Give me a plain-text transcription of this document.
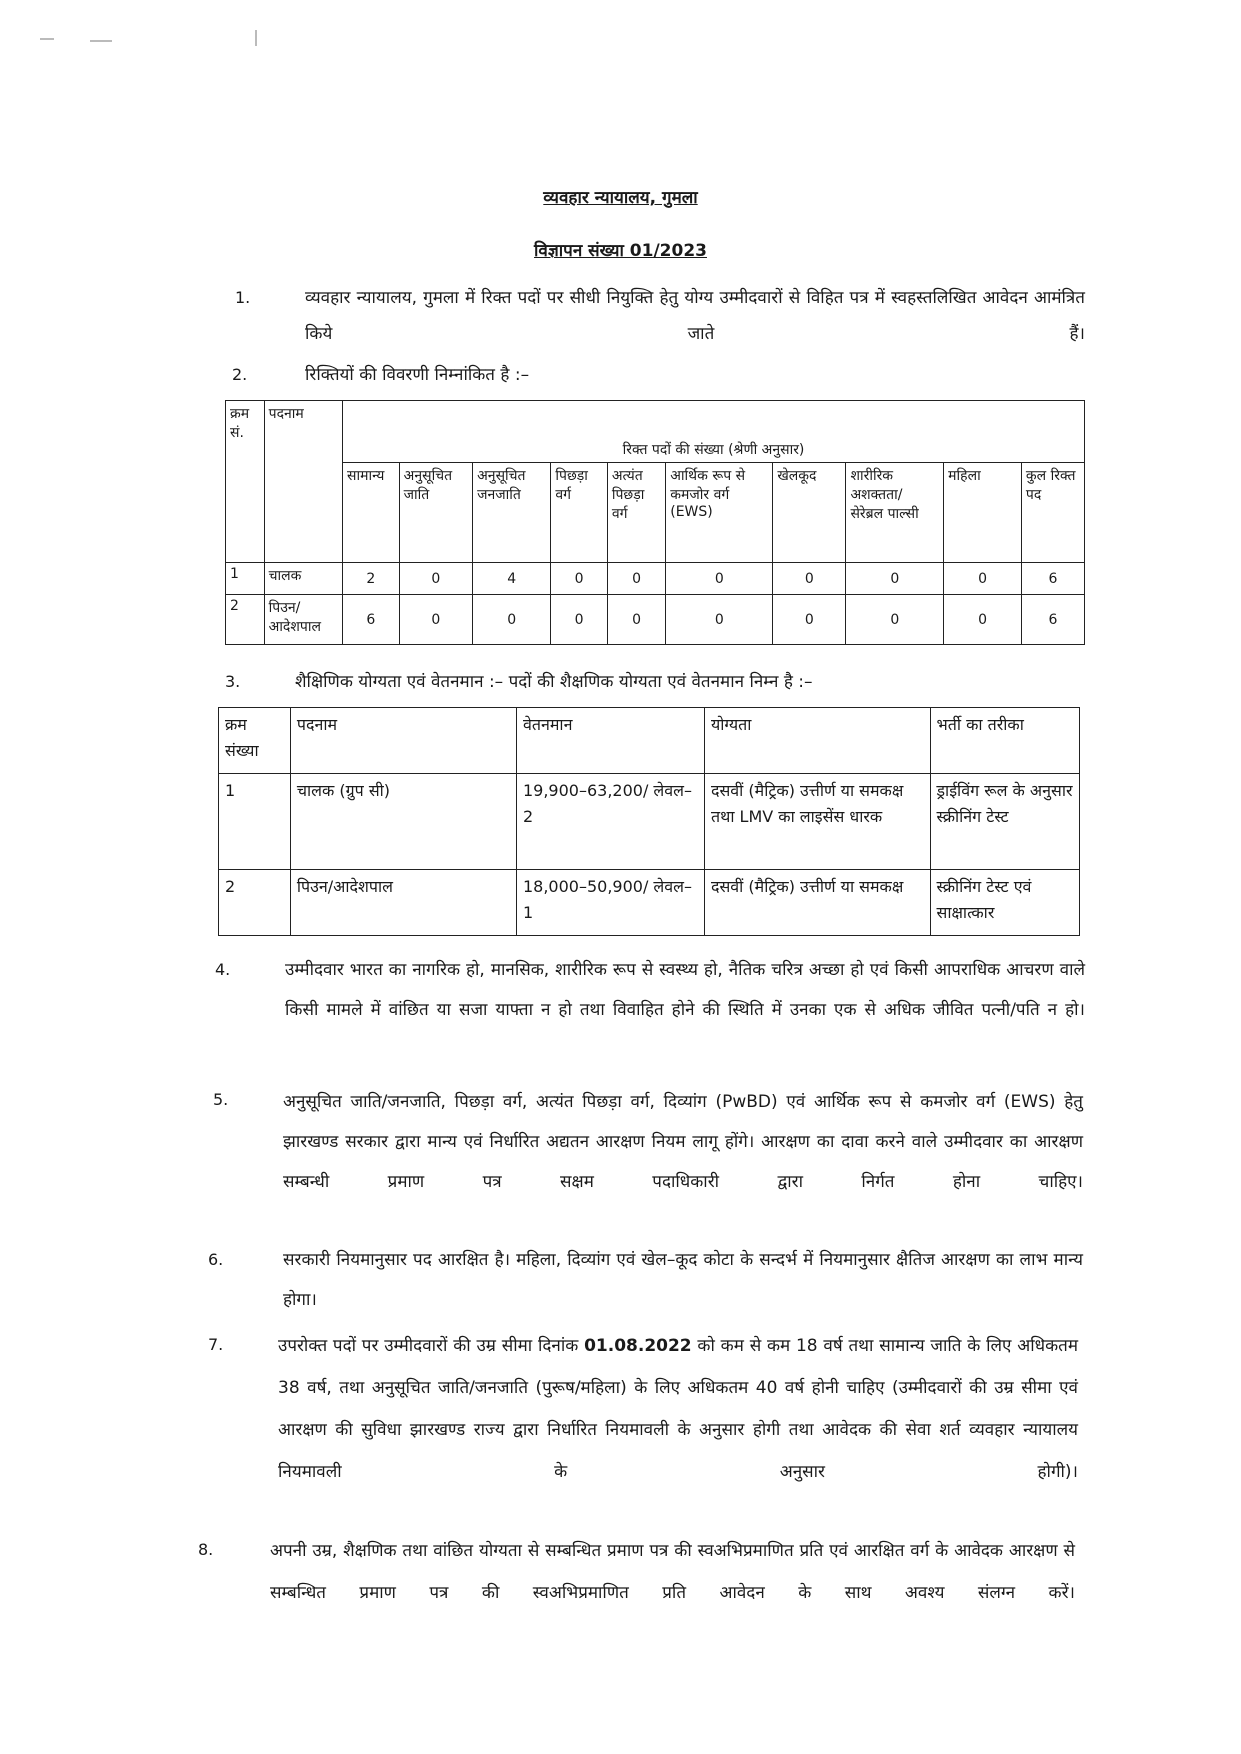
व्यवहार न्यायालय, गुमला
विज्ञापन संख्या 01/2023
1.	व्यवहार न्यायालय, गुमला में रिक्त पदों पर सीधी नियुक्ति हेतु योग्य उम्मीदवारों से विहित पत्र में स्वहस्तलिखित आवेदन आमंत्रित किये जाते हैं।
2.	रिक्तियों की विवरणी निम्नांकित है :–
क्रम सं.	पदनाम	रिक्त पदों की संख्या (श्रेणी अनुसार)									
		सामान्य	अनुसूचित जाति	अनुसूचित जनजाति	पिछड़ा वर्ग	अत्यंत पिछड़ा वर्ग	आर्थिक रूप से कमजोर वर्ग (EWS)	खेलकूद	शारीरिक अशक्तता/ सेरेब्रल पाल्सी	महिला	कुल रिक्त पद
1	चालक	2	0	4	0	0	0	0	0	0	6
2	पिउन/ आदेशपाल	6	0	0	0	0	0	0	0	0	6
3.	शैक्षिणिक योग्यता एवं वेतनमान :– पदों की शैक्षणिक योग्यता एवं वेतनमान निम्न है :–
क्रम संख्या	पदनाम	वेतनमान	योग्यता	भर्ती का तरीका
1	चालक (ग्रुप सी)	19,900–63,200/ लेवल–2	दसवीं (मैट्रिक) उत्तीर्ण या समकक्ष तथा LMV का लाइसेंस धारक	ड्राईविंग रूल के अनुसार स्क्रीनिंग टेस्ट
2	पिउन/आदेशपाल	18,000–50,900/ लेवल–1	दसवीं (मैट्रिक) उत्तीर्ण या समकक्ष	स्क्रीनिंग टेस्ट एवं साक्षात्कार
4.	उम्मीदवार भारत का नागरिक हो, मानसिक, शारीरिक रूप से स्वस्थ्य हो, नैतिक चरित्र अच्छा हो एवं किसी आपराधिक आचरण वाले किसी मामले में वांछित या सजा याफ्ता न हो तथा विवाहित होने की स्थिति में उनका एक से अधिक जीवित पत्नी/पति न हो।
5.	अनुसूचित जाति/जनजाति, पिछड़ा वर्ग, अत्यंत पिछड़ा वर्ग, दिव्यांग (PwBD) एवं आर्थिक रूप से कमजोर वर्ग (EWS) हेतु झारखण्ड सरकार द्वारा मान्य एवं निर्धारित अद्यतन आरक्षण नियम लागू होंगे। आरक्षण का दावा करने वाले उम्मीदवार का आरक्षण सम्बन्धी प्रमाण पत्र सक्षम पदाधिकारी द्वारा निर्गत होना चाहिए।
6.	सरकारी नियमानुसार पद आरक्षित है। महिला, दिव्यांग एवं खेल–कूद कोटा के सन्दर्भ में नियमानुसार क्षैतिज आरक्षण का लाभ मान्य होगा।
7.	उपरोक्त पदों पर उम्मीदवारों की उम्र सीमा दिनांक 01.08.2022 को कम से कम 18 वर्ष तथा सामान्य जाति के लिए अधिकतम 38 वर्ष, तथा अनुसूचित जाति/जनजाति (पुरूष/महिला) के लिए अधिकतम 40 वर्ष होनी चाहिए (उम्मीदवारों की उम्र सीमा एवं आरक्षण की सुविधा झारखण्ड राज्य द्वारा निर्धारित नियमावली के अनुसार होगी तथा आवेदक की सेवा शर्त व्यवहार न्यायालय नियमावली के अनुसार होगी)।
8.	अपनी उम्र, शैक्षणिक तथा वांछित योग्यता से सम्बन्धित प्रमाण पत्र की स्वअभिप्रमाणित प्रति एवं आरक्षित वर्ग के आवेदक आरक्षण से सम्बन्धित प्रमाण पत्र की स्वअभिप्रमाणित प्रति आवेदन के साथ अवश्य संलग्न करें।
